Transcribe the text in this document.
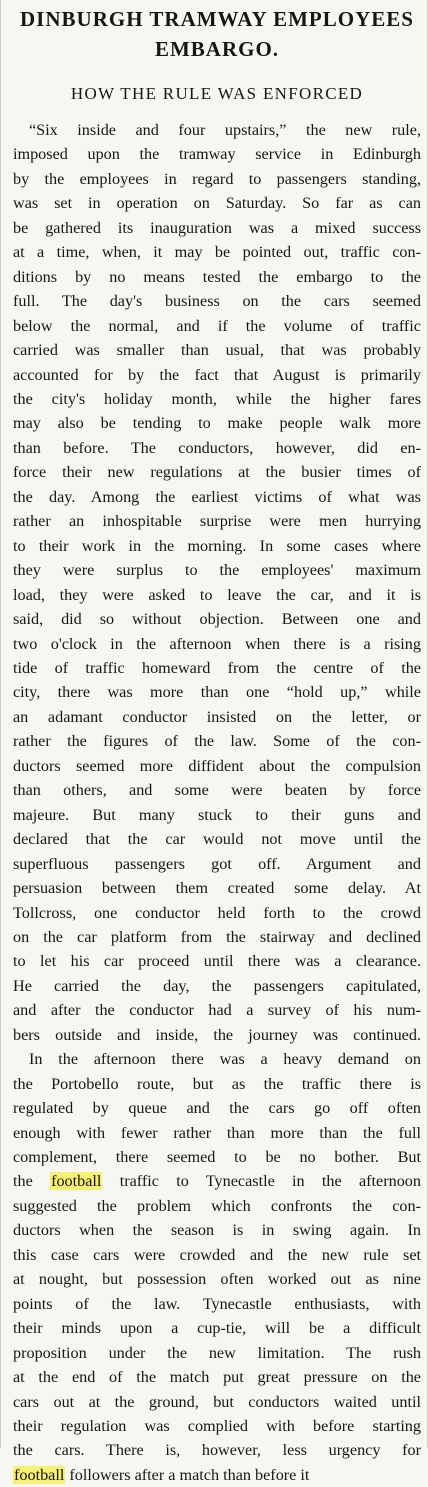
DINBURGH TRAMWAY EMPLOYEES
EMBARGO.
HOW THE RULE WAS ENFORCED
“Six inside and four upstairs,” the new rule,
imposed upon the tramway service in Edinburgh
by the employees in regard to passengers standing,
was set in operation on Saturday. So far as can
be gathered its inauguration was a mixed success
at a time, when, it may be pointed out, traffic con-
ditions by no means tested the embargo to the
full. The day's business on the cars seemed
below the normal, and if the volume of traffic
carried was smaller than usual, that was probably
accounted for by the fact that August is primarily
the city's holiday month, while the higher fares
may also be tending to make people walk more
than before. The conductors, however, did en-
force their new regulations at the busier times of
the day. Among the earliest victims of what was
rather an inhospitable surprise were men hurrying
to their work in the morning. In some cases where
they were surplus to the employees' maximum
load, they were asked to leave the car, and it is
said, did so without objection. Between one and
two o'clock in the afternoon when there is a rising
tide of traffic homeward from the centre of the
city, there was more than one “hold up,” while
an adamant conductor insisted on the letter, or
rather the figures of the law. Some of the con-
ductors seemed more diffident about the compulsion
than others, and some were beaten by force
majeure. But many stuck to their guns and
declared that the car would not move until the
superfluous passengers got off. Argument and
persuasion between them created some delay. At
Tollcross, one conductor held forth to the crowd
on the car platform from the stairway and declined
to let his car proceed until there was a clearance.
He carried the day, the passengers capitulated,
and after the conductor had a survey of his num-
bers outside and inside, the journey was continued.
In the afternoon there was a heavy demand on
the Portobello route, but as the traffic there is
regulated by queue and the cars go off often
enough with fewer rather than more than the full
complement, there seemed to be no bother. But
the football traffic to Tynecastle in the afternoon
suggested the problem which confronts the con-
ductors when the season is in swing again. In
this case cars were crowded and the new rule set
at nought, but possession often worked out as nine
points of the law. Tynecastle enthusiasts, with
their minds upon a cup-tie, will be a difficult
proposition under the new limitation. The rush
at the end of the match put great pressure on the
cars out at the ground, but conductors waited until
their regulation was complied with before starting
the cars. There is, however, less urgency for
football followers after a match than before it
